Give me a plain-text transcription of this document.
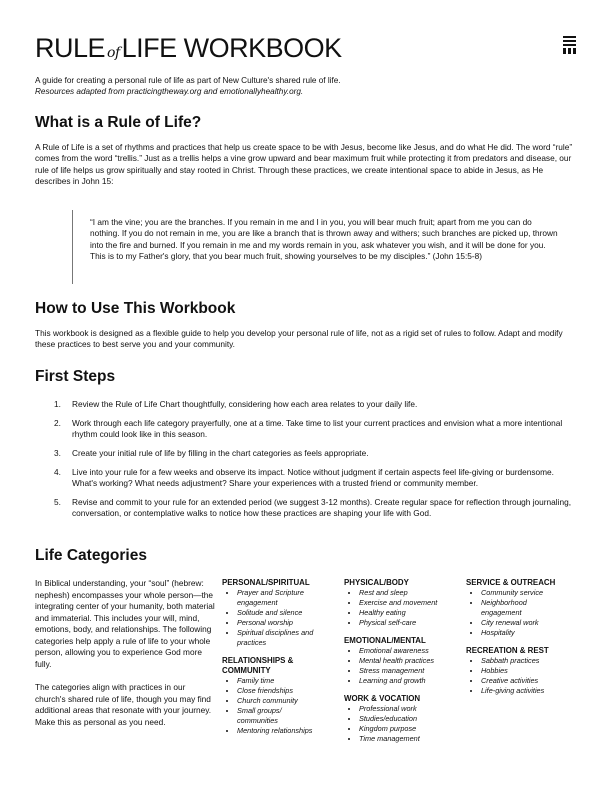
RULE ofLIFE WORKBOOK
A guide for creating a personal rule of life as part of New Culture's shared rule of life.
Resources adapted from practicingtheway.org and emotionallyhealthy.org.
What is a Rule of Life?
A Rule of Life is a set of rhythms and practices that help us create space to be with Jesus, become like Jesus, and do what He did. The word “rule” comes from the word “trellis.” Just as a trellis helps a vine grow upward and bear maximum fruit while protecting it from predators and disease, our rule of life helps us grow spiritually and stay rooted in Christ. Through these practices, we create intentional space to abide in Jesus, as He describes in John 15:
“I am the vine; you are the branches. If you remain in me and I in you, you will bear much fruit; apart from me you can do nothing. If you do not remain in me, you are like a branch that is thrown away and withers; such branches are picked up, thrown into the fire and burned. If you remain in me and my words remain in you, ask whatever you wish, and it will be done for you. This is to my Father's glory, that you bear much fruit, showing yourselves to be my disciples.” (John 15:5-8)
How to Use This Workbook
This workbook is designed as a flexible guide to help you develop your personal rule of life, not as a rigid set of rules to follow. Adapt and modify these practices to best serve you and your community.
First Steps
1. Review the Rule of Life Chart thoughtfully, considering how each area relates to your daily life.
2. Work through each life category prayerfully, one at a time. Take time to list your current practices and envision what a more intentional rhythm could look like in this season.
3. Create your initial rule of life by filling in the chart categories as feels appropriate.
4. Live into your rule for a few weeks and observe its impact. Notice without judgment if certain aspects feel life-giving or burdensome. What's working? What needs adjustment? Share your experiences with a trusted friend or community member.
5. Revise and commit to your rule for an extended period (we suggest 3-12 months). Create regular space for reflection through journaling, conversation, or contemplative walks to notice how these practices are shaping your life with God.
Life Categories

In Biblical understanding, your “soul” (hebrew: nephesh) encompasses your whole person—the integrating center of your humanity, both material and immaterial. This includes your will, mind, emotions, body, and relationships. The following categories help apply a rule of life to your whole person, allowing you to experience God more fully.

The categories align with practices in our church's shared rule of life, though you may find additional areas that resonate with your journey. Make this as personal as you need.

PERSONAL/SPIRITUAL

• Prayer and Scripture engagement
• Solitude and silence
• Personal worship
• Spiritual disciplines and practices

RELATIONSHIPS & COMMUNITY

• Family time
• Close friendships
• Church community
• Small groups/ communities
• Mentoring relationships

PHYSICAL/BODY

• Rest and sleep
• Exercise and movement
• Healthy eating
• Physical self-care

EMOTIONAL/MENTAL

• Emotional awareness
• Mental health practices
• Stress management
• Learning and growth

WORK & VOCATION

• Professional work
• Studies/education
• Kingdom purpose
• Time management

SERVICE & OUTREACH

• Community service
• Neighborhood engagement
• City renewal work
• Hospitality

RECREATION & REST

• Sabbath practices
• Hobbies
• Creative activities
• Life-giving activities
